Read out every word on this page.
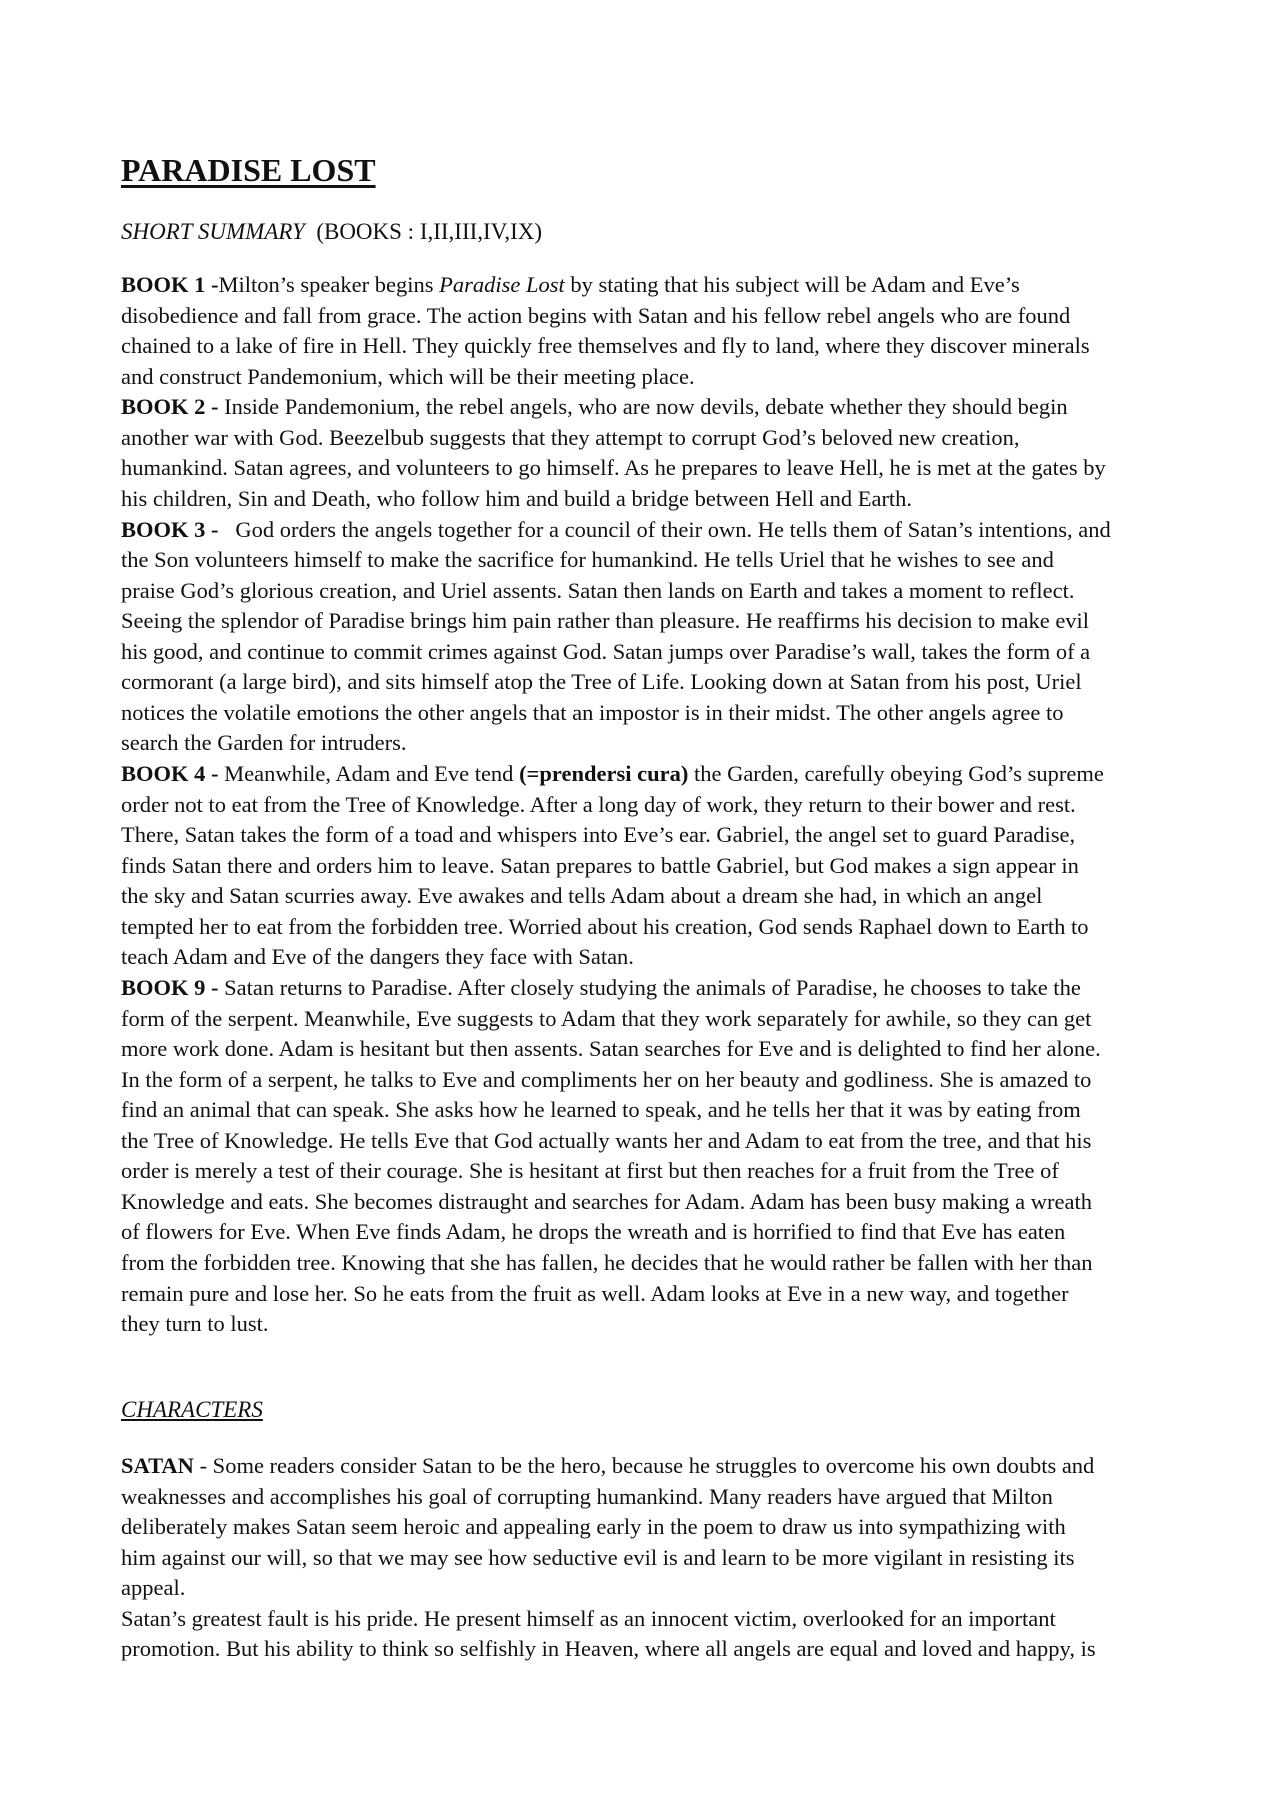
PARADISE LOST
SHORT SUMMARY  (BOOKS : I,II,III,IV,IX)
BOOK 1 -Milton’s speaker begins Paradise Lost by stating that his subject will be Adam and Eve’s
disobedience and fall from grace. The action begins with Satan and his fellow rebel angels who are found
chained to a lake of fire in Hell. They quickly free themselves and fly to land, where they discover minerals
and construct Pandemonium, which will be their meeting place.
BOOK 2 - Inside Pandemonium, the rebel angels, who are now devils, debate whether they should begin
another war with God. Beezelbub suggests that they attempt to corrupt God’s beloved new creation,
humankind. Satan agrees, and volunteers to go himself. As he prepares to leave Hell, he is met at the gates by
his children, Sin and Death, who follow him and build a bridge between Hell and Earth.
BOOK 3 -   God orders the angels together for a council of their own. He tells them of Satan’s intentions, and
the Son volunteers himself to make the sacrifice for humankind. He tells Uriel that he wishes to see and
praise God’s glorious creation, and Uriel assents. Satan then lands on Earth and takes a moment to reflect.
Seeing the splendor of Paradise brings him pain rather than pleasure. He reaffirms his decision to make evil
his good, and continue to commit crimes against God. Satan jumps over Paradise’s wall, takes the form of a
cormorant (a large bird), and sits himself atop the Tree of Life. Looking down at Satan from his post, Uriel
notices the volatile emotions the other angels that an impostor is in their midst. The other angels agree to
search the Garden for intruders.
BOOK 4 - Meanwhile, Adam and Eve tend (=prendersi cura) the Garden, carefully obeying God’s supreme
order not to eat from the Tree of Knowledge. After a long day of work, they return to their bower and rest.
There, Satan takes the form of a toad and whispers into Eve’s ear. Gabriel, the angel set to guard Paradise,
finds Satan there and orders him to leave. Satan prepares to battle Gabriel, but God makes a sign appear in
the sky and Satan scurries away. Eve awakes and tells Adam about a dream she had, in which an angel
tempted her to eat from the forbidden tree. Worried about his creation, God sends Raphael down to Earth to
teach Adam and Eve of the dangers they face with Satan.
BOOK 9 - Satan returns to Paradise. After closely studying the animals of Paradise, he chooses to take the
form of the serpent. Meanwhile, Eve suggests to Adam that they work separately for awhile, so they can get
more work done. Adam is hesitant but then assents. Satan searches for Eve and is delighted to find her alone.
In the form of a serpent, he talks to Eve and compliments her on her beauty and godliness. She is amazed to
find an animal that can speak. She asks how he learned to speak, and he tells her that it was by eating from
the Tree of Knowledge. He tells Eve that God actually wants her and Adam to eat from the tree, and that his
order is merely a test of their courage. She is hesitant at first but then reaches for a fruit from the Tree of
Knowledge and eats. She becomes distraught and searches for Adam. Adam has been busy making a wreath
of flowers for Eve. When Eve finds Adam, he drops the wreath and is horrified to find that Eve has eaten
from the forbidden tree. Knowing that she has fallen, he decides that he would rather be fallen with her than
remain pure and lose her. So he eats from the fruit as well. Adam looks at Eve in a new way, and together
they turn to lust.
CHARACTERS
SATAN - Some readers consider Satan to be the hero, because he struggles to overcome his own doubts and
weaknesses and accomplishes his goal of corrupting humankind. Many readers have argued that Milton
deliberately makes Satan seem heroic and appealing early in the poem to draw us into sympathizing with
him against our will, so that we may see how seductive evil is and learn to be more vigilant in resisting its
appeal.
Satan’s greatest fault is his pride. He present himself as an innocent victim, overlooked for an important
promotion. But his ability to think so selfishly in Heaven, where all angels are equal and loved and happy, is
